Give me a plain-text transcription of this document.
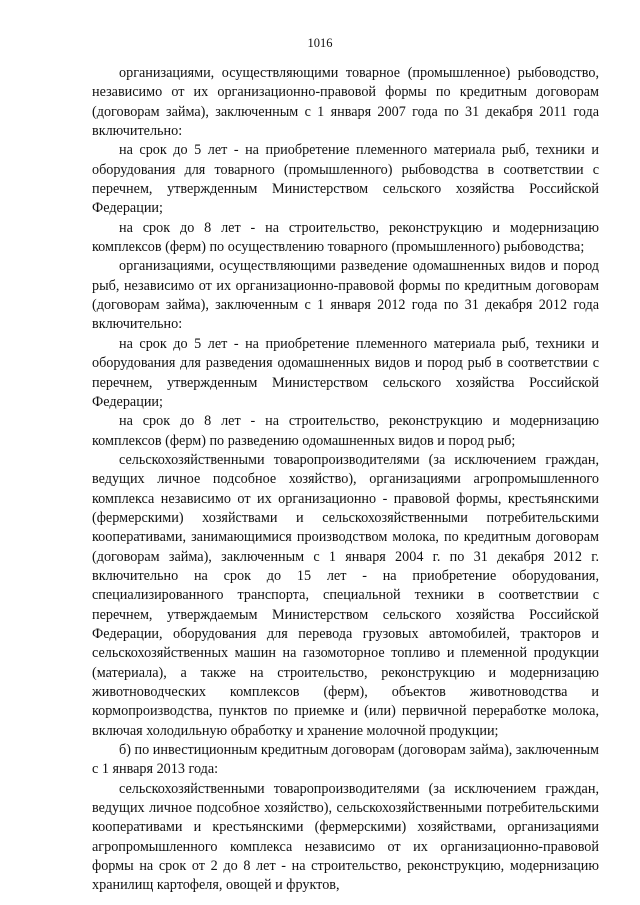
1016

организациями, осуществляющими товарное (промышленное) рыбоводство, независимо от их организационно-правовой формы по кредитным договорам (договорам займа), заключенным с 1 января 2007 года по 31 декабря 2011 года включительно:

на срок до 5 лет - на приобретение племенного материала рыб, техники и оборудования для товарного (промышленного) рыбоводства в соответствии с перечнем, утвержденным Министерством сельского хозяйства Российской Федерации;

на срок до 8 лет - на строительство, реконструкцию и модернизацию комплексов (ферм) по осуществлению товарного (промышленного) рыбоводства;

организациями, осуществляющими разведение одомашненных видов и пород рыб, независимо от их организационно-правовой формы по кредитным договорам (договорам займа), заключенным с 1 января 2012 года по 31 декабря 2012 года включительно:

на срок до 5 лет - на приобретение племенного материала рыб, техники и оборудования для разведения одомашненных видов и пород рыб в соответствии с перечнем, утвержденным Министерством сельского хозяйства Российской Федерации;

на срок до 8 лет - на строительство, реконструкцию и модернизацию комплексов (ферм) по разведению одомашненных видов и пород рыб;

сельскохозяйственными товаропроизводителями (за исключением граждан, ведущих личное подсобное хозяйство), организациями агропромышленного комплекса независимо от их организационно - правовой формы, крестьянскими (фермерскими) хозяйствами и сельскохозяйственными потребительскими кооперативами, занимающимися производством молока, по кредитным договорам (договорам займа), заключенным с 1 января 2004 г. по 31 декабря 2012 г. включительно на срок до 15 лет - на приобретение оборудования, специализированного транспорта, специальной техники в соответствии с перечнем, утверждаемым Министерством сельского хозяйства Российской Федерации, оборудования для перевода грузовых автомобилей, тракторов и сельскохозяйственных машин на газомоторное топливо и племенной продукции (материала), а также на строительство, реконструкцию и модернизацию животноводческих комплексов (ферм), объектов животноводства и кормопроизводства, пунктов по приемке и (или) первичной переработке молока, включая холодильную обработку и хранение молочной продукции;

б) по инвестиционным кредитным договорам (договорам займа), заключенным с 1 января 2013 года:

сельскохозяйственными товаропроизводителями (за исключением граждан, ведущих личное подсобное хозяйство), сельскохозяйственными потребительскими кооперативами и крестьянскими (фермерскими) хозяйствами, организациями агропромышленного комплекса независимо от их организационно-правовой формы на срок от 2 до 8 лет - на строительство, реконструкцию, модернизацию хранилищ картофеля, овощей и фруктов,
